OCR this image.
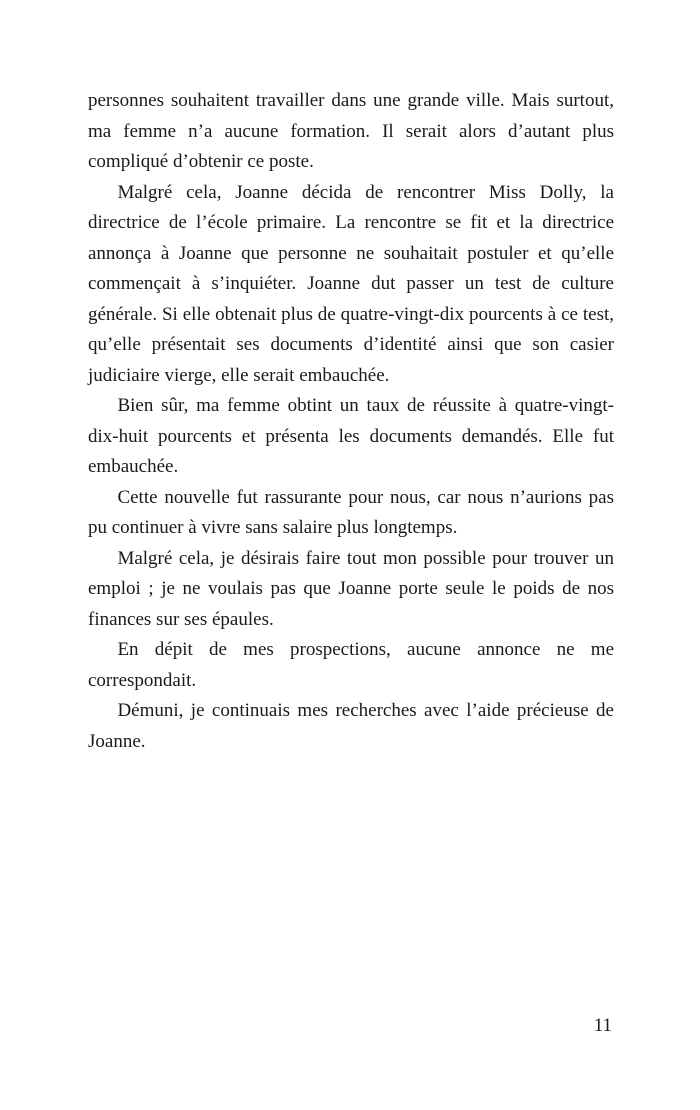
personnes souhaitent travailler dans une grande ville. Mais surtout, ma femme n’a aucune formation. Il serait alors d’autant plus compliqué d’obtenir ce poste.

Malgré cela, Joanne décida de rencontrer Miss Dolly, la directrice de l’école primaire. La rencontre se fit et la directrice annonça à Joanne que personne ne souhaitait postuler et qu’elle commençait à s’inquiéter. Joanne dut passer un test de culture générale. Si elle obtenait plus de quatre-vingt-dix pourcents à ce test, qu’elle présentait ses documents d’identité ainsi que son casier judiciaire vierge, elle serait embauchée.

Bien sûr, ma femme obtint un taux de réussite à quatre-vingt-dix-huit pourcents et présenta les documents demandés. Elle fut embauchée.

Cette nouvelle fut rassurante pour nous, car nous n’aurions pas pu continuer à vivre sans salaire plus longtemps.

Malgré cela, je désirais faire tout mon possible pour trouver un emploi ; je ne voulais pas que Joanne porte seule le poids de nos finances sur ses épaules.

En dépit de mes prospections, aucune annonce ne me correspondait.

Démuni, je continuais mes recherches avec l’aide précieuse de Joanne.

11
